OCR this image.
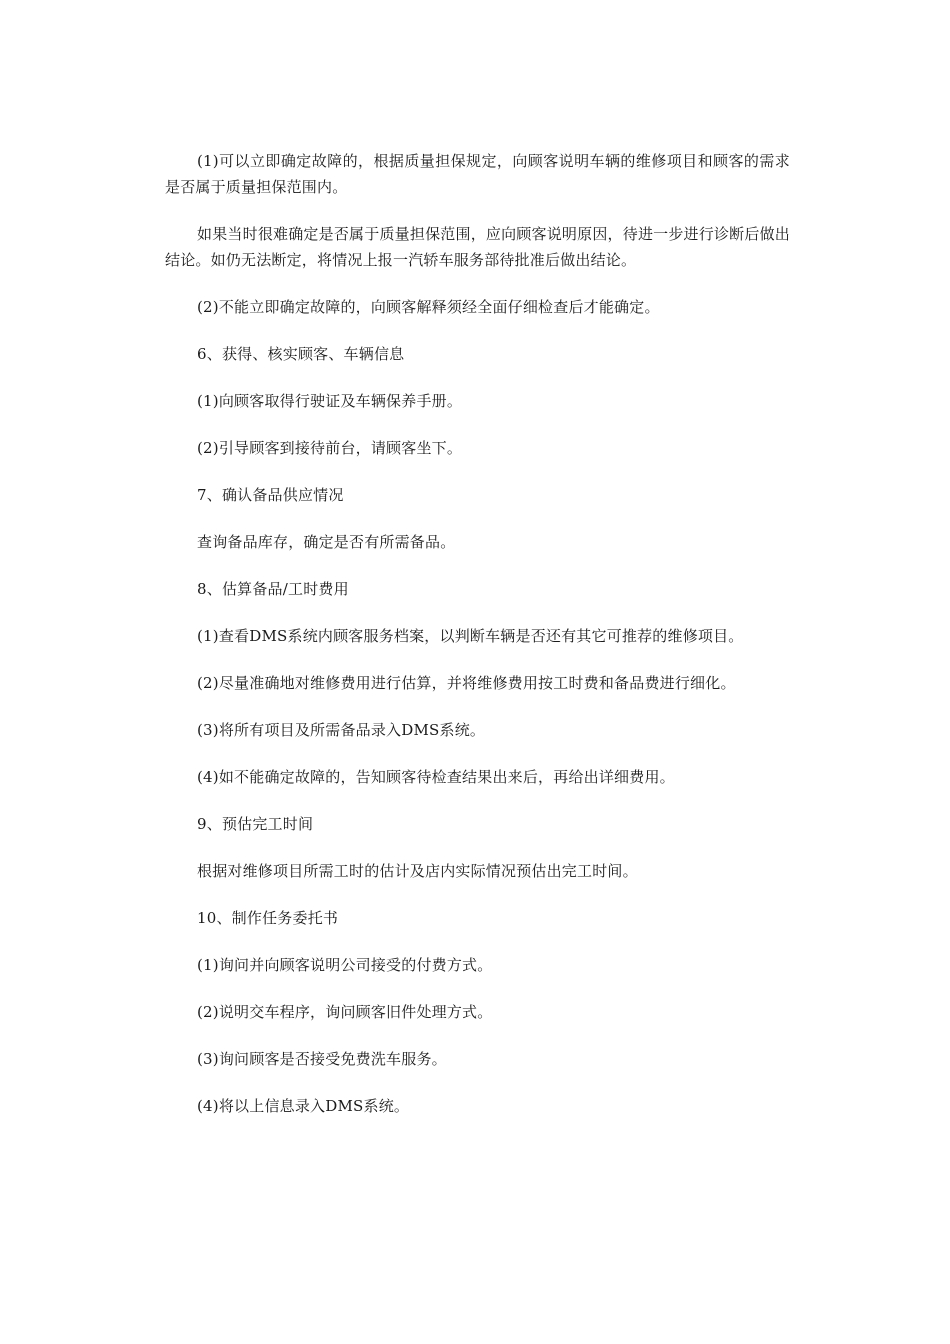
(1)可以立即确定故障的，根据质量担保规定，向顾客说明车辆的维修项目和顾客的需求是否属于质量担保范围内。

如果当时很难确定是否属于质量担保范围，应向顾客说明原因，待进一步进行诊断后做出结论。如仍无法断定，将情况上报一汽轿车服务部待批准后做出结论。

(2)不能立即确定故障的，向顾客解释须经全面仔细检查后才能确定。

6、获得、核实顾客、车辆信息

(1)向顾客取得行驶证及车辆保养手册。

(2)引导顾客到接待前台，请顾客坐下。

7、确认备品供应情况

查询备品库存，确定是否有所需备品。

8、估算备品/工时费用

(1)查看DMS系统内顾客服务档案，以判断车辆是否还有其它可推荐的维修项目。

(2)尽量准确地对维修费用进行估算，并将维修费用按工时费和备品费进行细化。

(3)将所有项目及所需备品录入DMS系统。

(4)如不能确定故障的，告知顾客待检查结果出来后，再给出详细费用。

9、预估完工时间

根据对维修项目所需工时的估计及店内实际情况预估出完工时间。

10、制作任务委托书

(1)询问并向顾客说明公司接受的付费方式。

(2)说明交车程序，询问顾客旧件处理方式。

(3)询问顾客是否接受免费洗车服务。

(4)将以上信息录入DMS系统。
